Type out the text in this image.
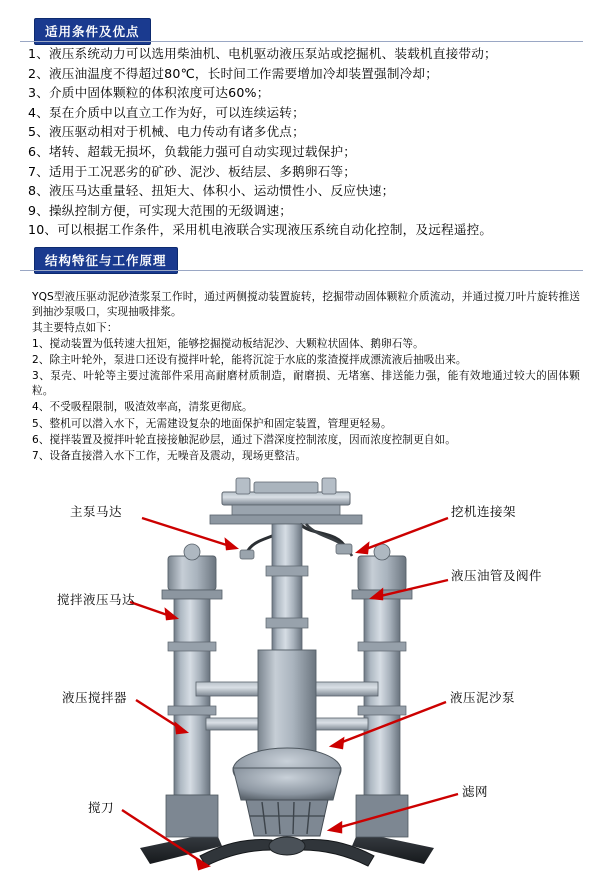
适用条件及优点
1、液压系统动力可以选用柴油机、电机驱动液压泵站或挖掘机、装载机直接带动；
2、液压油温度不得超过80℃，长时间工作需要增加冷却装置强制冷却；
3、介质中固体颗粒的体积浓度可达60%；
4、泵在介质中以直立工作为好，可以连续运转；
5、液压驱动相对于机械、电力传动有诸多优点；
6、堵转、超载无损坏，负载能力强可自动实现过载保护；
7、适用于工况恶劣的矿砂、泥沙、板结层、多鹅卵石等；
8、液压马达重量轻、扭矩大、体积小、运动惯性小、反应快速；
9、操纵控制方便，可实现大范围的无级调速；
10、可以根据工作条件，采用机电液联合实现液压系统自动化控制，及远程遥控。
结构特征与工作原理

YQS型液压驱动泥砂渣浆泵工作时，通过两侧搅动装置旋转，挖掘带动固体颗粒介质流动，并通过搅刀叶片旋转推送到抽沙泵吸口，实现抽吸排浆。

其主要特点如下：

1、搅动装置为低转速大扭矩，能够挖掘搅动板结泥沙、大颗粒状固体、鹅卵石等。

2、除主叶轮外，泵进口还设有搅拌叶轮，能将沉淀于水底的浆渣搅拌成漂流液后抽吸出来。

3、泵壳、叶轮等主要过流部件采用高耐磨材质制造，耐磨损、无堵塞、排送能力强，能有效地通过较大的固体颗粒。

4、不受吸程限制，吸渣效率高，清浆更彻底。

5、整机可以潜入水下，无需建设复杂的地面保护和固定装置，管理更轻易。

6、搅拌装置及搅拌叶轮直接接触泥砂层，通过下潜深度控制浓度，因而浓度控制更自如。

7、设备直接潜入水下工作，无噪音及震动，现场更整洁。

主泵马达	挖机连接架
搅拌液压马达
液压油管及阀件
液压搅拌器	液压泥沙泵
搅刀
滤网
